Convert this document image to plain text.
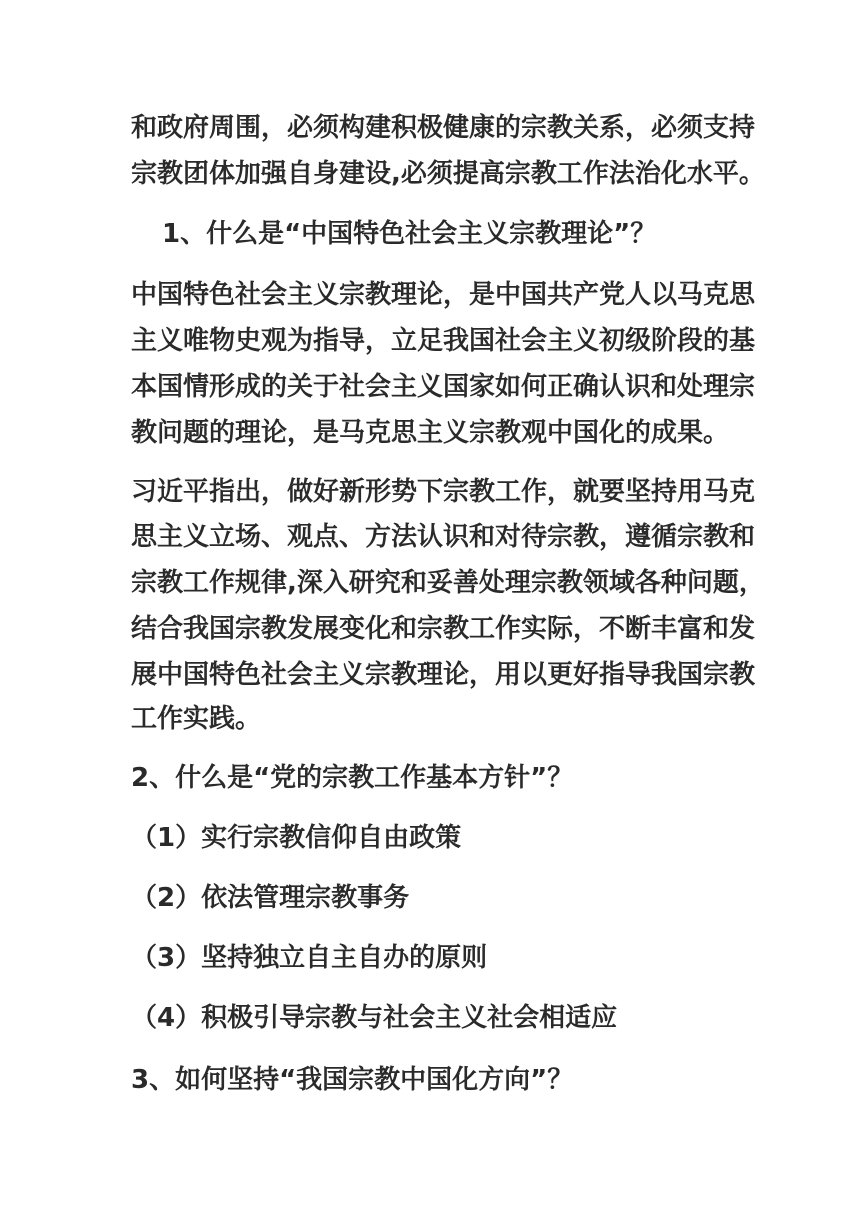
和政府周围，必须构建积极健康的宗教关系，必须支持

宗教团体加强自身建设,必须提高宗教工作法治化水平。

1、什么是“中国特色社会主义宗教理论”？

中国特色社会主义宗教理论，是中国共产党人以马克思

主义唯物史观为指导，立足我国社会主义初级阶段的基

本国情形成的关于社会主义国家如何正确认识和处理宗

教问题的理论，是马克思主义宗教观中国化的成果。

习近平指出，做好新形势下宗教工作，就要坚持用马克

思主义立场、观点、方法认识和对待宗教，遵循宗教和

宗教工作规律,深入研究和妥善处理宗教领域各种问题，

结合我国宗教发展变化和宗教工作实际，不断丰富和发

展中国特色社会主义宗教理论，用以更好指导我国宗教

工作实践。

2、什么是“党的宗教工作基本方针”？

（1）实行宗教信仰自由政策

（2）依法管理宗教事务

（3）坚持独立自主自办的原则

（4）积极引导宗教与社会主义社会相适应

3、如何坚持“我国宗教中国化方向”？
